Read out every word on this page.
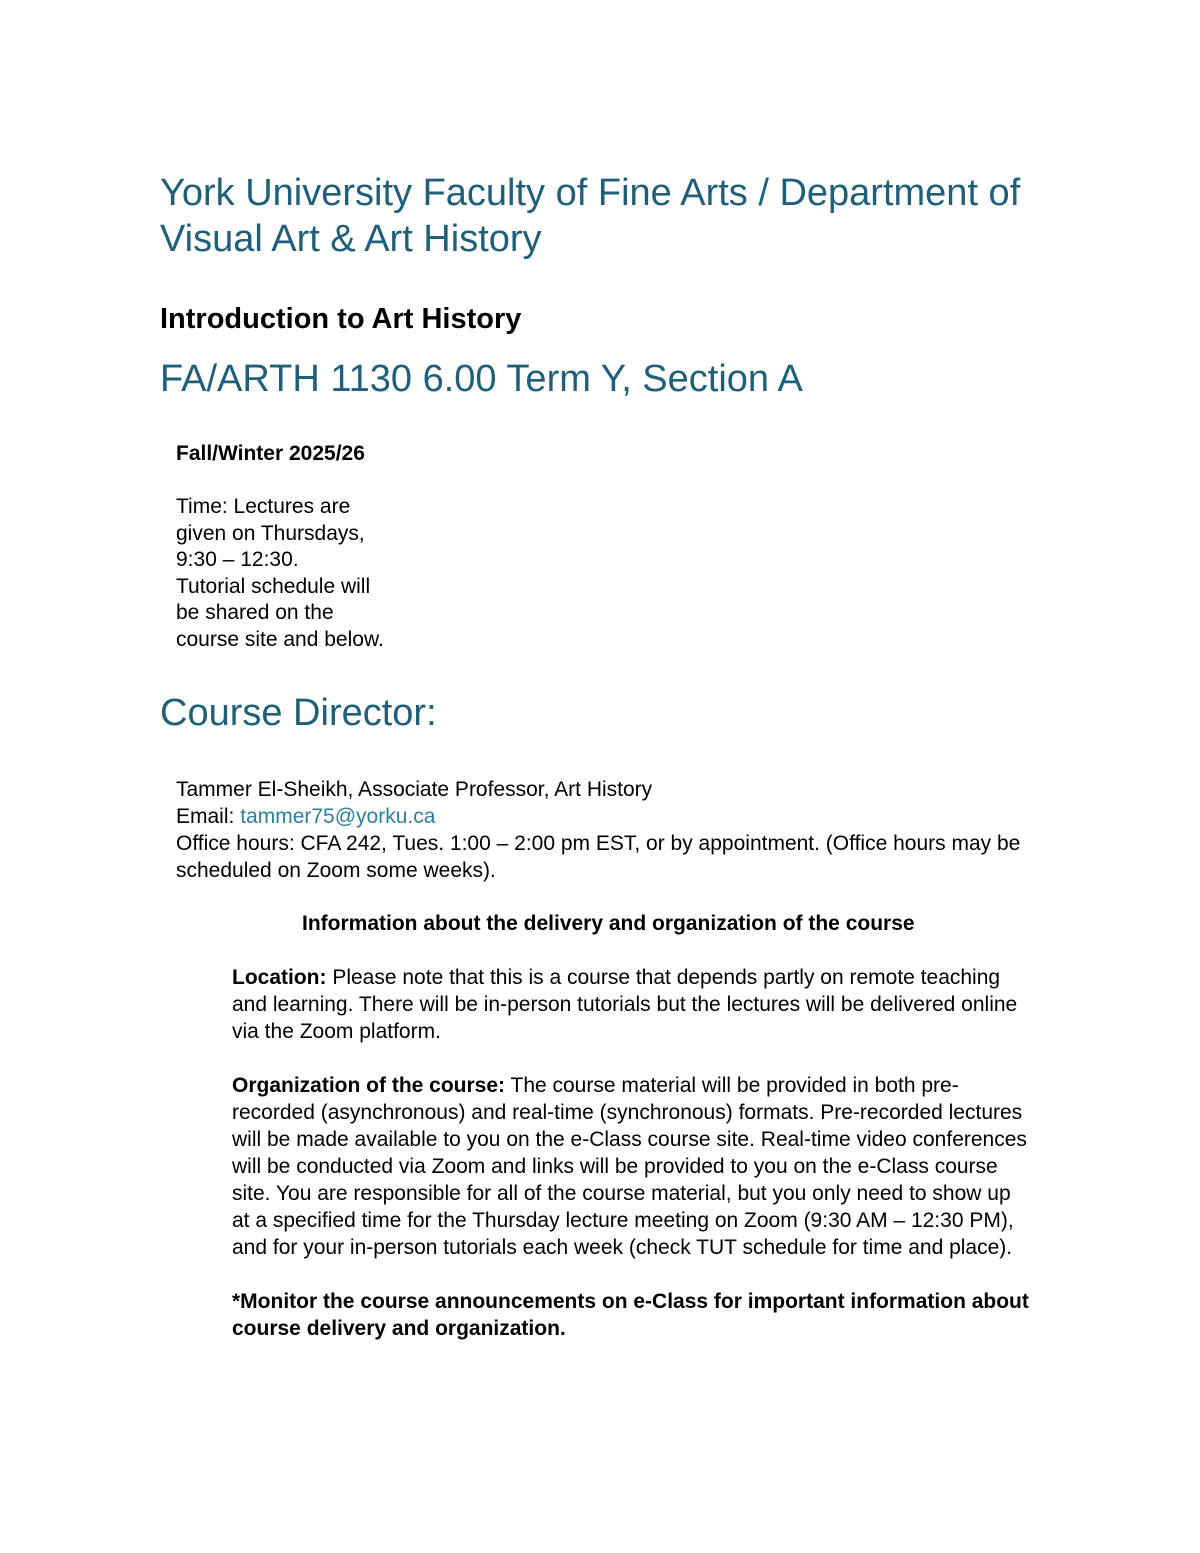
York University Faculty of Fine Arts / Department of Visual Art & Art History
Introduction to Art History
FA/ARTH 1130 6.00 Term Y, Section A
Fall/Winter 2025/26

Time: Lectures are given on Thursdays, 9:30 – 12:30.

Tutorial schedule will be shared on the course site and below.

Course Director:

Tammer El-Sheikh, Associate Professor, Art History

Email: tammer75@yorku.ca

Office hours: CFA 242, Tues. 1:00 – 2:00 pm EST, or by appointment. (Office hours may be scheduled on Zoom some weeks).

Information about the delivery and organization of the course

Location: Please note that this is a course that depends partly on remote teaching and learning. There will be in-person tutorials but the lectures will be delivered online via the Zoom platform.

Organization of the course: The course material will be provided in both pre-recorded (asynchronous) and real-time (synchronous) formats. Pre-recorded lectures will be made available to you on the e-Class course site. Real-time video conferences will be conducted via Zoom and links will be provided to you on the e-Class course site. You are responsible for all of the course material, but you only need to show up at a specified time for the Thursday lecture meeting on Zoom (9:30 AM – 12:30 PM), and for your in-person tutorials each week (check TUT schedule for time and place).

*Monitor the course announcements on e-Class for important information about course delivery and organization.
